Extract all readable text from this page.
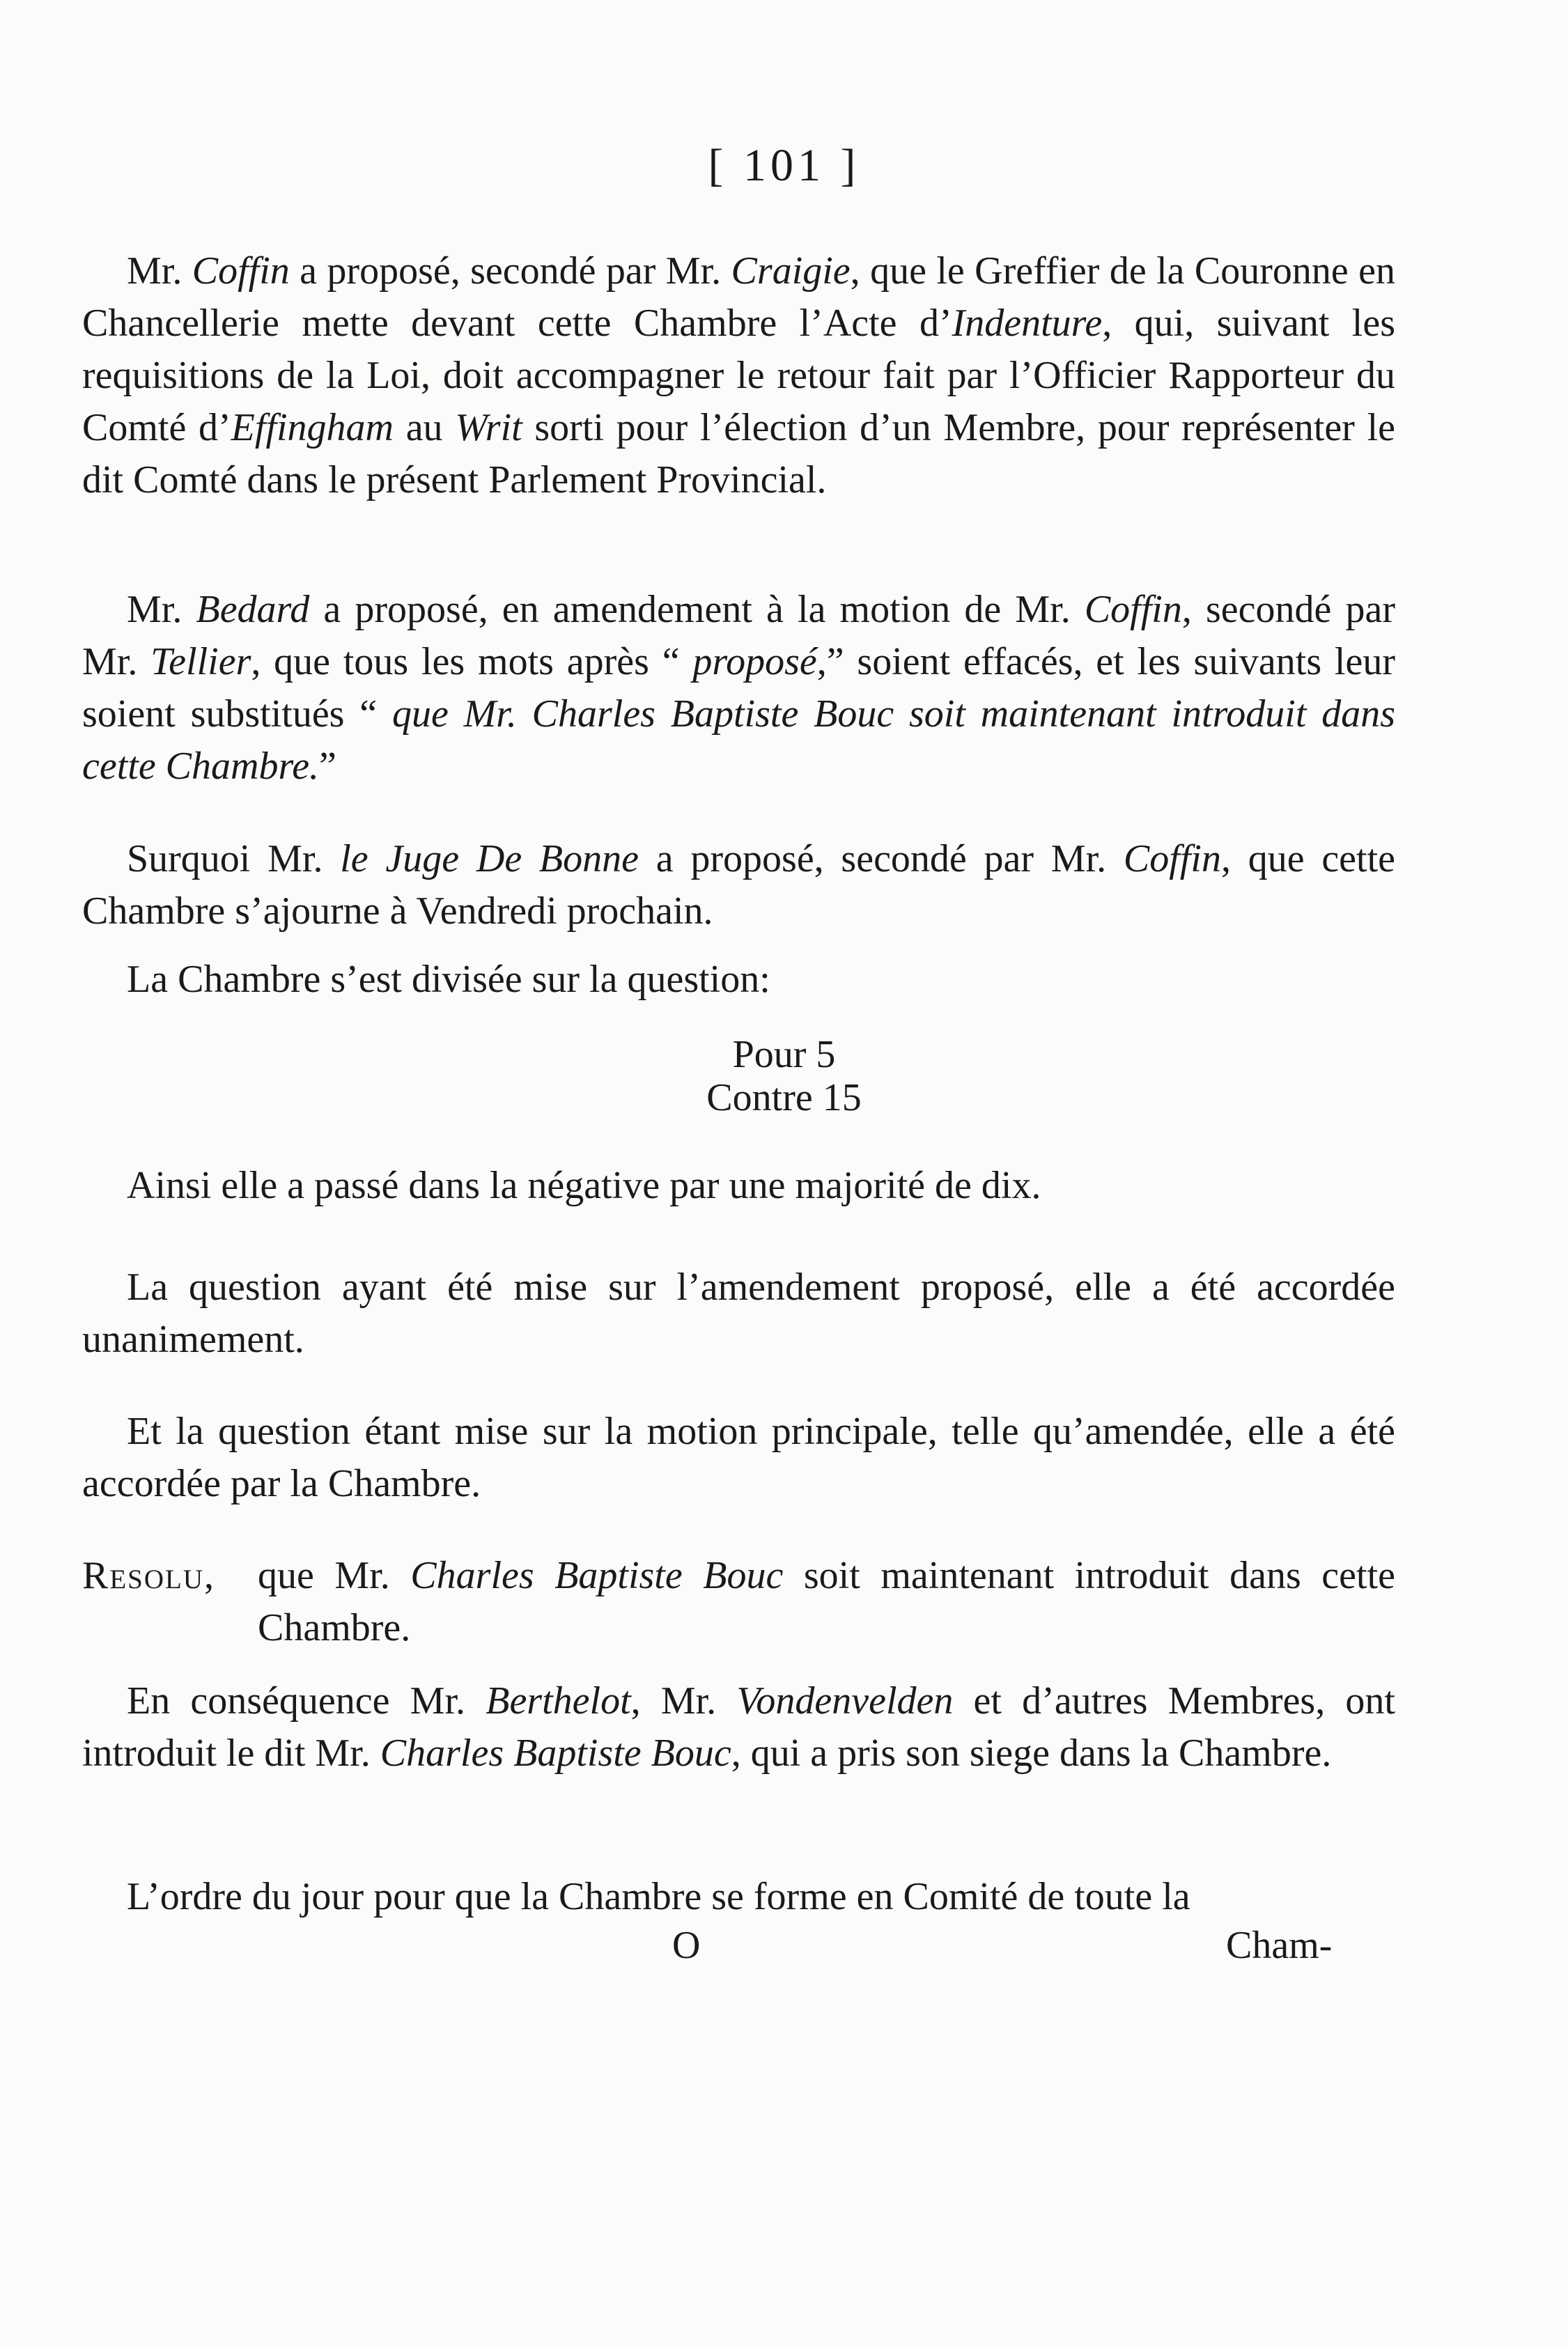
[ 101 ]

Mr. Coffin a proposé, secondé par Mr. Craigie, que le Greffier de la Couronne en Chancellerie mette devant cette Chambre l’Acte d’Indenture, qui, suivant les requisitions de la Loi, doit accompagner le retour fait par l’Officier Rapporteur du Comté d’Effingham au Writ sorti pour l’élection d’un Membre, pour représenter le dit Comté dans le présent Parlement Provincial.

Mr. Bedard a proposé, en amendement à la motion de Mr. Coffin, secondé par Mr. Tellier, que tous les mots après “ proposé,” soient effacés, et les suivants leur soient substitués “ que Mr. Charles Baptiste Bouc soit maintenant introduit dans cette Chambre.”

Surquoi Mr. le Juge De Bonne a proposé, secondé par Mr. Coffin, que cette Chambre s’ajourne à Vendredi prochain.

La Chambre s’est divisée sur la question:

Pour 5
Contre 15

Ainsi elle a passé dans la négative par une majorité de dix.

La question ayant été mise sur l’amendement proposé, elle a été accordée unanimement.

Et la question étant mise sur la motion principale, telle qu’amendée, elle a été accordée par la Chambre.

Resolu, que Mr. Charles Baptiste Bouc soit maintenant introduit dans cette Chambre.

En conséquence Mr. Berthelot, Mr. Vondenvelden et d’autres Membres, ont introduit le dit Mr. Charles Baptiste Bouc, qui a pris son siege dans la Chambre.

L’ordre du jour pour que la Chambre se forme en Comité de toute la

O	Cham-
